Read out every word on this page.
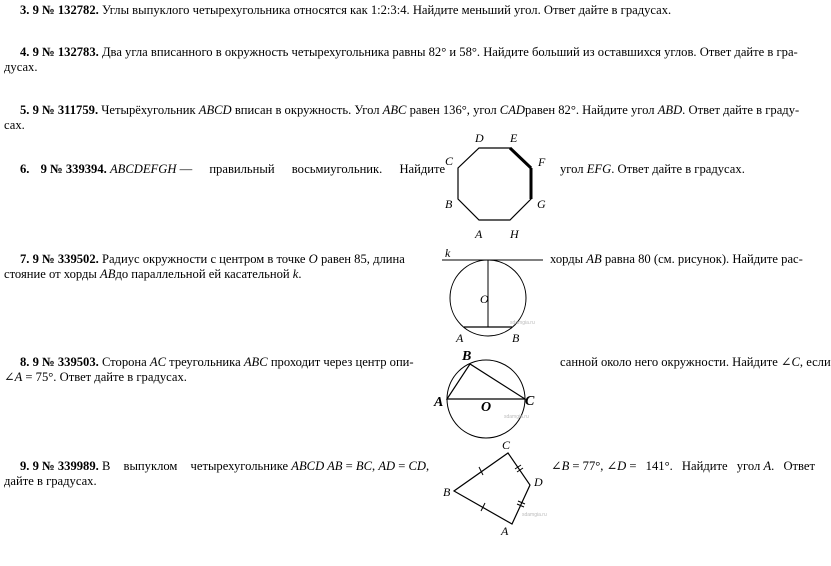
3. 9 № 132782. Углы выпуклого четырехугольника относятся как 1:2:3:4. Найдите меньший угол. Ответ дайте в градусах.
4. 9 № 132783. Два угла вписанного в окружность четырехугольника равны 82° и 58°. Найдите больший из оставшихся углов. Ответ дайте в гра-
дусах.
5. 9 № 311759. Четырёхугольник ABCD вписан в окружность. Угол ABC равен 136°, угол CADравен 82°. Найдите угол ABD. Ответ дайте в граду-
сах.
6. 9 № 339394. ABCDEFGH — правильный восьмиугольник. Найдите	угол EFG. Ответ дайте в градусах.
7. 9 № 339502. Радиус окружности с центром в точке O равен 85, длина	хорды AB равна 80 (см. рисунок). Найдите рас-
стояние от хорды ABдо параллельной ей касательной k.
8. 9 № 339503. Сторона AC треугольника ABC проходит через центр опи-	санной около него окружности. Найдите ∠C, если
∠A = 75°. Ответ дайте в градусах.
9. 9 № 339989. В выпуклом четырехугольнике ABCD AB = BC, AD = CD,	∠B = 77°, ∠D = 141°. Найдите угол A. Ответ
дайте в градусах.
D E
C	F
B	G
A H
k
O
A	B
sdamgia.ru
B
A	O C
sdamgia.ru
C
D
B
A
sdamgia.ru
